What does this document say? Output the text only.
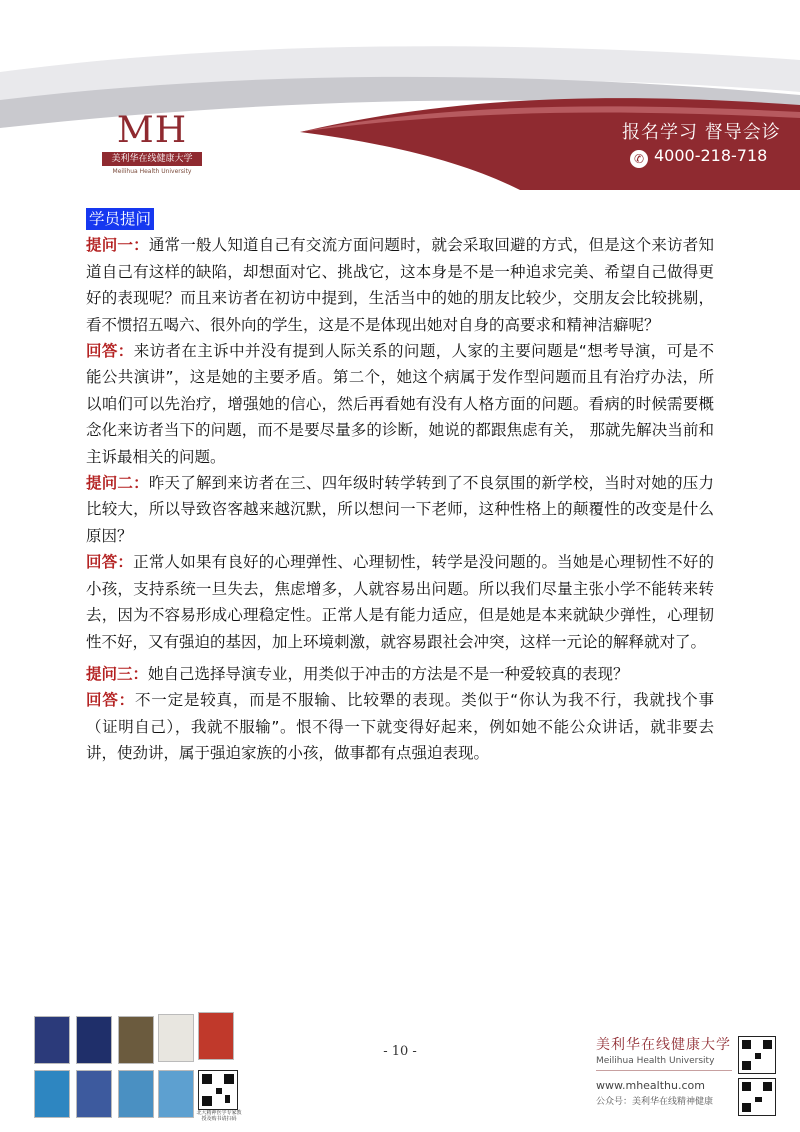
MH
美利华在线健康大学
Meilihua Health University
报名学习 督导会诊
✆ 4000-218-718
学员提问

提问一：通常一般人知道自己有交流方面问题时，就会采取回避的方式，但是这个来访者知道自己有这样的缺陷，却想面对它、挑战它，这本身是不是一种追求完美、希望自己做得更好的表现呢？而且来访者在初访中提到，生活当中的她的朋友比较少，交朋友会比较挑剔，看不惯招五喝六、很外向的学生，这是不是体现出她对自身的高要求和精神洁癖呢？

回答：来访者在主诉中并没有提到人际关系的问题，人家的主要问题是“想考导演，可是不能公共演讲”，这是她的主要矛盾。第二个，她这个病属于发作型问题而且有治疗办法，所以咱们可以先治疗，增强她的信心，然后再看她有没有人格方面的问题。看病的时候需要概念化来访者当下的问题，而不是要尽量多的诊断，她说的都跟焦虑有关， 那就先解决当前和主诉最相关的问题。

提问二：昨天了解到来访者在三、四年级时转学转到了不良氛围的新学校，当时对她的压力比较大，所以导致咨客越来越沉默，所以想问一下老师，这种性格上的颠覆性的改变是什么原因？

回答：正常人如果有良好的心理弹性、心理韧性，转学是没问题的。当她是心理韧性不好的小孩，支持系统一旦失去，焦虑增多，人就容易出问题。所以我们尽量主张小学不能转来转去，因为不容易形成心理稳定性。正常人是有能力适应，但是她是本来就缺少弹性，心理韧性不好，又有强迫的基因，加上环境刺激，就容易跟社会冲突，这样一元论的解释就对了。

提问三：她自己选择导演专业，用类似于冲击的方法是不是一种爱较真的表现？

回答：不一定是较真，而是不服输、比较犟的表现。类似于“你认为我不行，我就找个事（证明自己），我就不服输”。恨不得一下就变得好起来，例如她不能公众讲话，就非要去讲，使劲讲，属于强迫家族的小孩，做事都有点强迫表现。

北大精神医学专家教授及购书请扫码
- 10 -	美利华在线健康大学
Meilihua Health University
www.mhealthu.com
公众号：美利华在线精神健康
